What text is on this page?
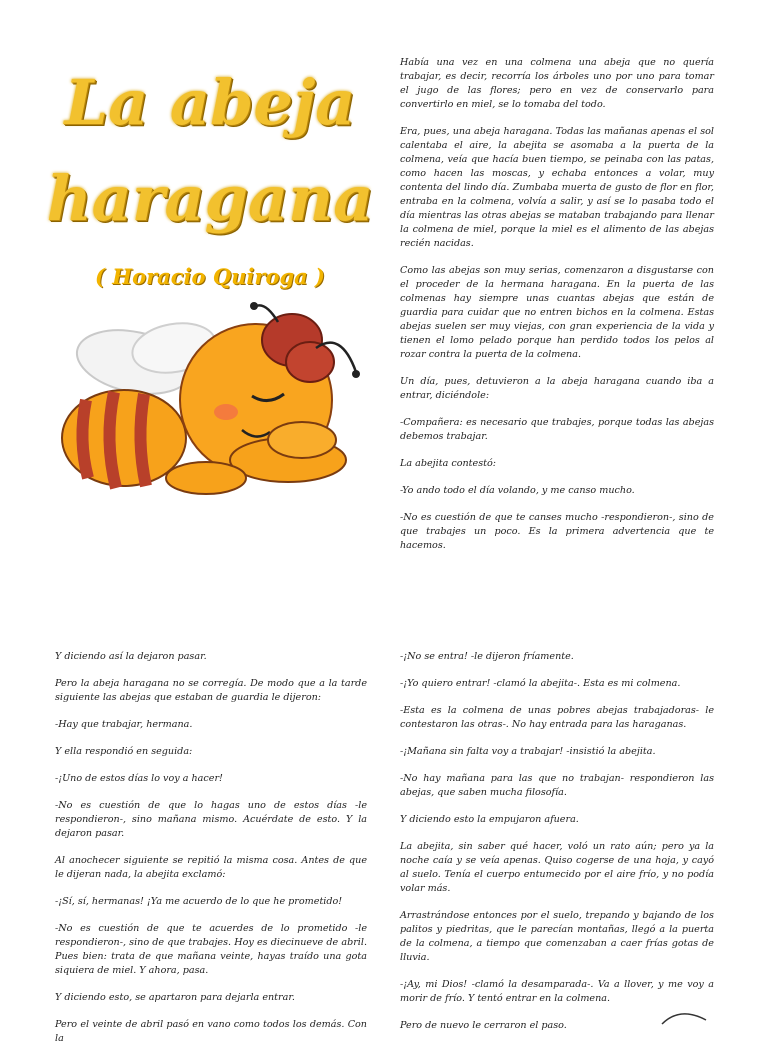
La abeja
haragana
( Horacio Quiroga )

Había una vez en una colmena una abeja que no quería trabajar, es decir, recorría los árboles uno por uno para tomar el jugo de las flores; pero en vez de conservarlo para convertirlo en miel, se lo tomaba del todo.

Era, pues, una abeja haragana. Todas las mañanas apenas el sol calentaba el aire, la abejita se asomaba a la puerta de la colmena, veía que hacía buen tiempo, se peinaba con las patas, como hacen las moscas, y echaba entonces a volar, muy contenta del lindo día. Zumbaba muerta de gusto de flor en flor, entraba en la colmena, volvía a salir, y así se lo pasaba todo el día mientras las otras abejas se mataban trabajando para llenar la colmena de miel, porque la miel es el alimento de las abejas recién nacidas.

Como las abejas son muy serias, comenzaron a disgustarse con el proceder de la hermana haragana. En la puerta de las colmenas hay siempre unas cuantas abejas que están de guardia para cuidar que no entren bichos en la colmena. Estas abejas suelen ser muy viejas, con gran experiencia de la vida y tienen el lomo pelado porque han perdido todos los pelos al rozar contra la puerta de la colmena.

Un día, pues, detuvieron a la abeja haragana cuando iba a entrar, diciéndole:

-Compañera: es necesario que trabajes, porque todas las abejas debemos trabajar.

La abejita contestó:

-Yo ando todo el día volando, y me canso mucho.

-No es cuestión de que te canses mucho -respondieron-, sino de que trabajes un poco. Es la primera advertencia que te hacemos.

Y diciendo así la dejaron pasar.

Pero la abeja haragana no se corregía. De modo que a la tarde siguiente las abejas que estaban de guardia le dijeron:

-Hay que trabajar, hermana.

Y ella respondió en seguida:

-¡Uno de estos días lo voy a hacer!

-No es cuestión de que lo hagas uno de estos días -le respondieron-, sino mañana mismo. Acuérdate de esto. Y la dejaron pasar.

Al anochecer siguiente se repitió la misma cosa. Antes de que le dijeran nada, la abejita exclamó:

-¡Sí, sí, hermanas! ¡Ya me acuerdo de lo que he prometido!

-No es cuestión de que te acuerdes de lo prometido -le respondieron-, sino de que trabajes. Hoy es diecinueve de abril. Pues bien: trata de que mañana veinte, hayas traído una gota siquiera de miel. Y ahora, pasa.

Y diciendo esto, se apartaron para dejarla entrar.

Pero el veinte de abril pasó en vano como todos los demás. Con la

-¡No se entra! -le dijeron fríamente.

-¡Yo quiero entrar! -clamó la abejita-. Esta es mi colmena.

-Esta es la colmena de unas pobres abejas trabajadoras- le contestaron las otras-. No hay entrada para las haraganas.

-¡Mañana sin falta voy a trabajar! -insistió la abejita.

-No hay mañana para las que no trabajan- respondieron las abejas, que saben mucha filosofía.

Y diciendo esto la empujaron afuera.

La abejita, sin saber qué hacer, voló un rato aún; pero ya la noche caía y se veía apenas. Quiso cogerse de una hoja, y cayó al suelo. Tenía el cuerpo entumecido por el aire frío, y no podía volar más.

Arrastrándose entonces por el suelo, trepando y bajando de los palitos y piedritas, que le parecían montañas, llegó a la puerta de la colmena, a tiempo que comenzaban a caer frías gotas de lluvia.

-¡Ay, mi Dios! -clamó la desamparada-. Va a llover, y me voy a morir de frío. Y tentó entrar en la colmena.

Pero de nuevo le cerraron el paso.
